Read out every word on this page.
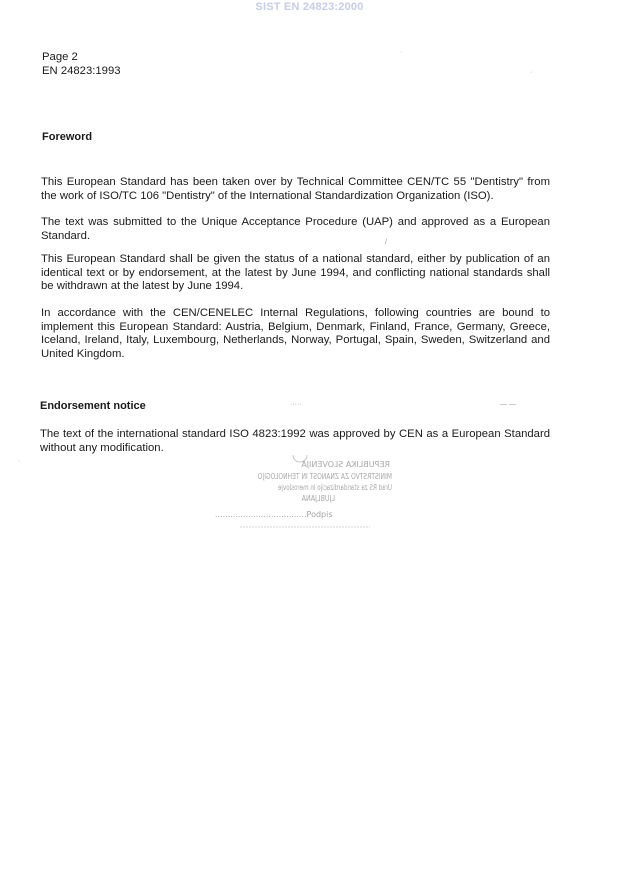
SIST EN 24823:2000
Page 2
EN 24823:1993
Foreword
This European Standard has been taken over by Technical Committee CEN/TC 55 "Dentistry" from the work of ISO/TC 106 "Dentistry" of the International Standardization Organization (ISO).
The text was submitted to the Unique Acceptance Procedure (UAP) and approved as a European Standard.
This European Standard shall be given the status of a national standard, either by publication of an identical text or by endorsement, at the latest by June 1994, and conflicting national standards shall be withdrawn at the latest by June 1994.
In accordance with the CEN/CENELEC Internal Regulations, following countries are bound to implement this European Standard: Austria, Belgium, Denmark, Finland, France, Germany, Greece, Iceland, Ireland, Italy, Luxembourg, Netherlands, Norway, Portugal, Spain, Sweden, Switzerland and United Kingdom.
Endorsement notice
The text of the international standard ISO 4823:1992 was approved by CEN as a European Standard without any modification.
REPUBLIKA SLOVENIJA
MINISTRSTVO ZA ZNANOST IN TEHNOLOGIJO
Urad RS za standardizacijo in meroslovje
LJUBLJANA
....................................Podpis
·
·
/
·····	— —
·
